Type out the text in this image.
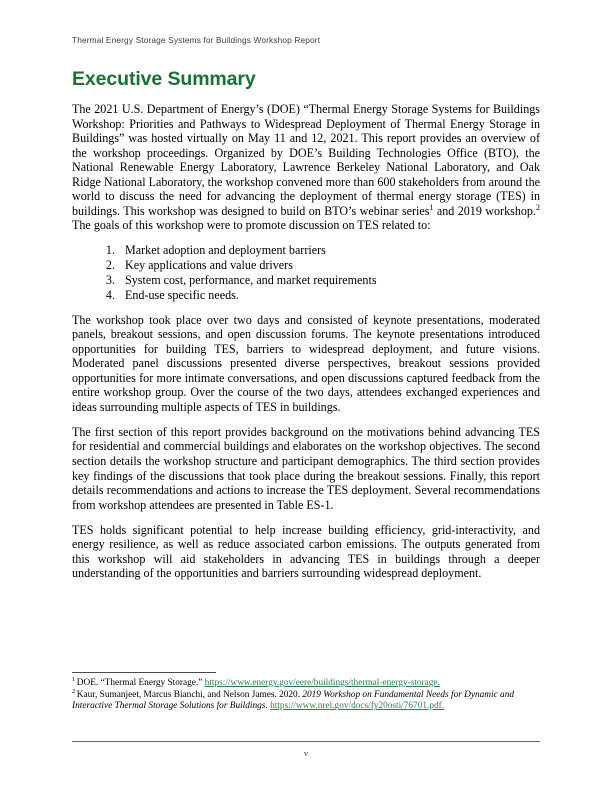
Thermal Energy Storage Systems for Buildings Workshop Report
Executive Summary

The 2021 U.S. Department of Energy’s (DOE) “Thermal Energy Storage Systems for Buildings Workshop: Priorities and Pathways to Widespread Deployment of Thermal Energy Storage in Buildings” was hosted virtually on May 11 and 12, 2021. This report provides an overview of the workshop proceedings. Organized by DOE’s Building Technologies Office (BTO), the National Renewable Energy Laboratory, Lawrence Berkeley National Laboratory, and Oak Ridge National Laboratory, the workshop convened more than 600 stakeholders from around the world to discuss the need for advancing the deployment of thermal energy storage (TES) in buildings. This workshop was designed to build on BTO’s webinar series$^1$ and 2019 workshop.$^2$ The goals of this workshop were to promote discussion on TES related to:

1. Market adoption and deployment barriers
2. Key applications and value drivers
3. System cost, performance, and market requirements
4. End-use specific needs.

The workshop took place over two days and consisted of keynote presentations, moderated panels, breakout sessions, and open discussion forums. The keynote presentations introduced opportunities for building TES, barriers to widespread deployment, and future visions. Moderated panel discussions presented diverse perspectives, breakout sessions provided opportunities for more intimate conversations, and open discussions captured feedback from the entire workshop group. Over the course of the two days, attendees exchanged experiences and ideas surrounding multiple aspects of TES in buildings.

The first section of this report provides background on the motivations behind advancing TES for residential and commercial buildings and elaborates on the workshop objectives. The second section details the workshop structure and participant demographics. The third section provides key findings of the discussions that took place during the breakout sessions. Finally, this report details recommendations and actions to increase the TES deployment. Several recommendations from workshop attendees are presented in Table ES-1.

TES holds significant potential to help increase building efficiency, grid-interactivity, and energy resilience, as well as reduce associated carbon emissions. The outputs generated from this workshop will aid stakeholders in advancing TES in buildings through a deeper understanding of the opportunities and barriers surrounding widespread deployment.

$^1$ DOE. “Thermal Energy Storage.” https://www.energy.gov/eere/buildings/thermal-energy-storage.

$^2$ Kaur, Sumanjeet, Marcus Bianchi, and Nelson James. 2020. 2019 Workshop on Fundamental Needs for Dynamic and Interactive Thermal Storage Solutions for Buildings. https://www.nrel.gov/docs/fy20osti/76701.pdf.

v
